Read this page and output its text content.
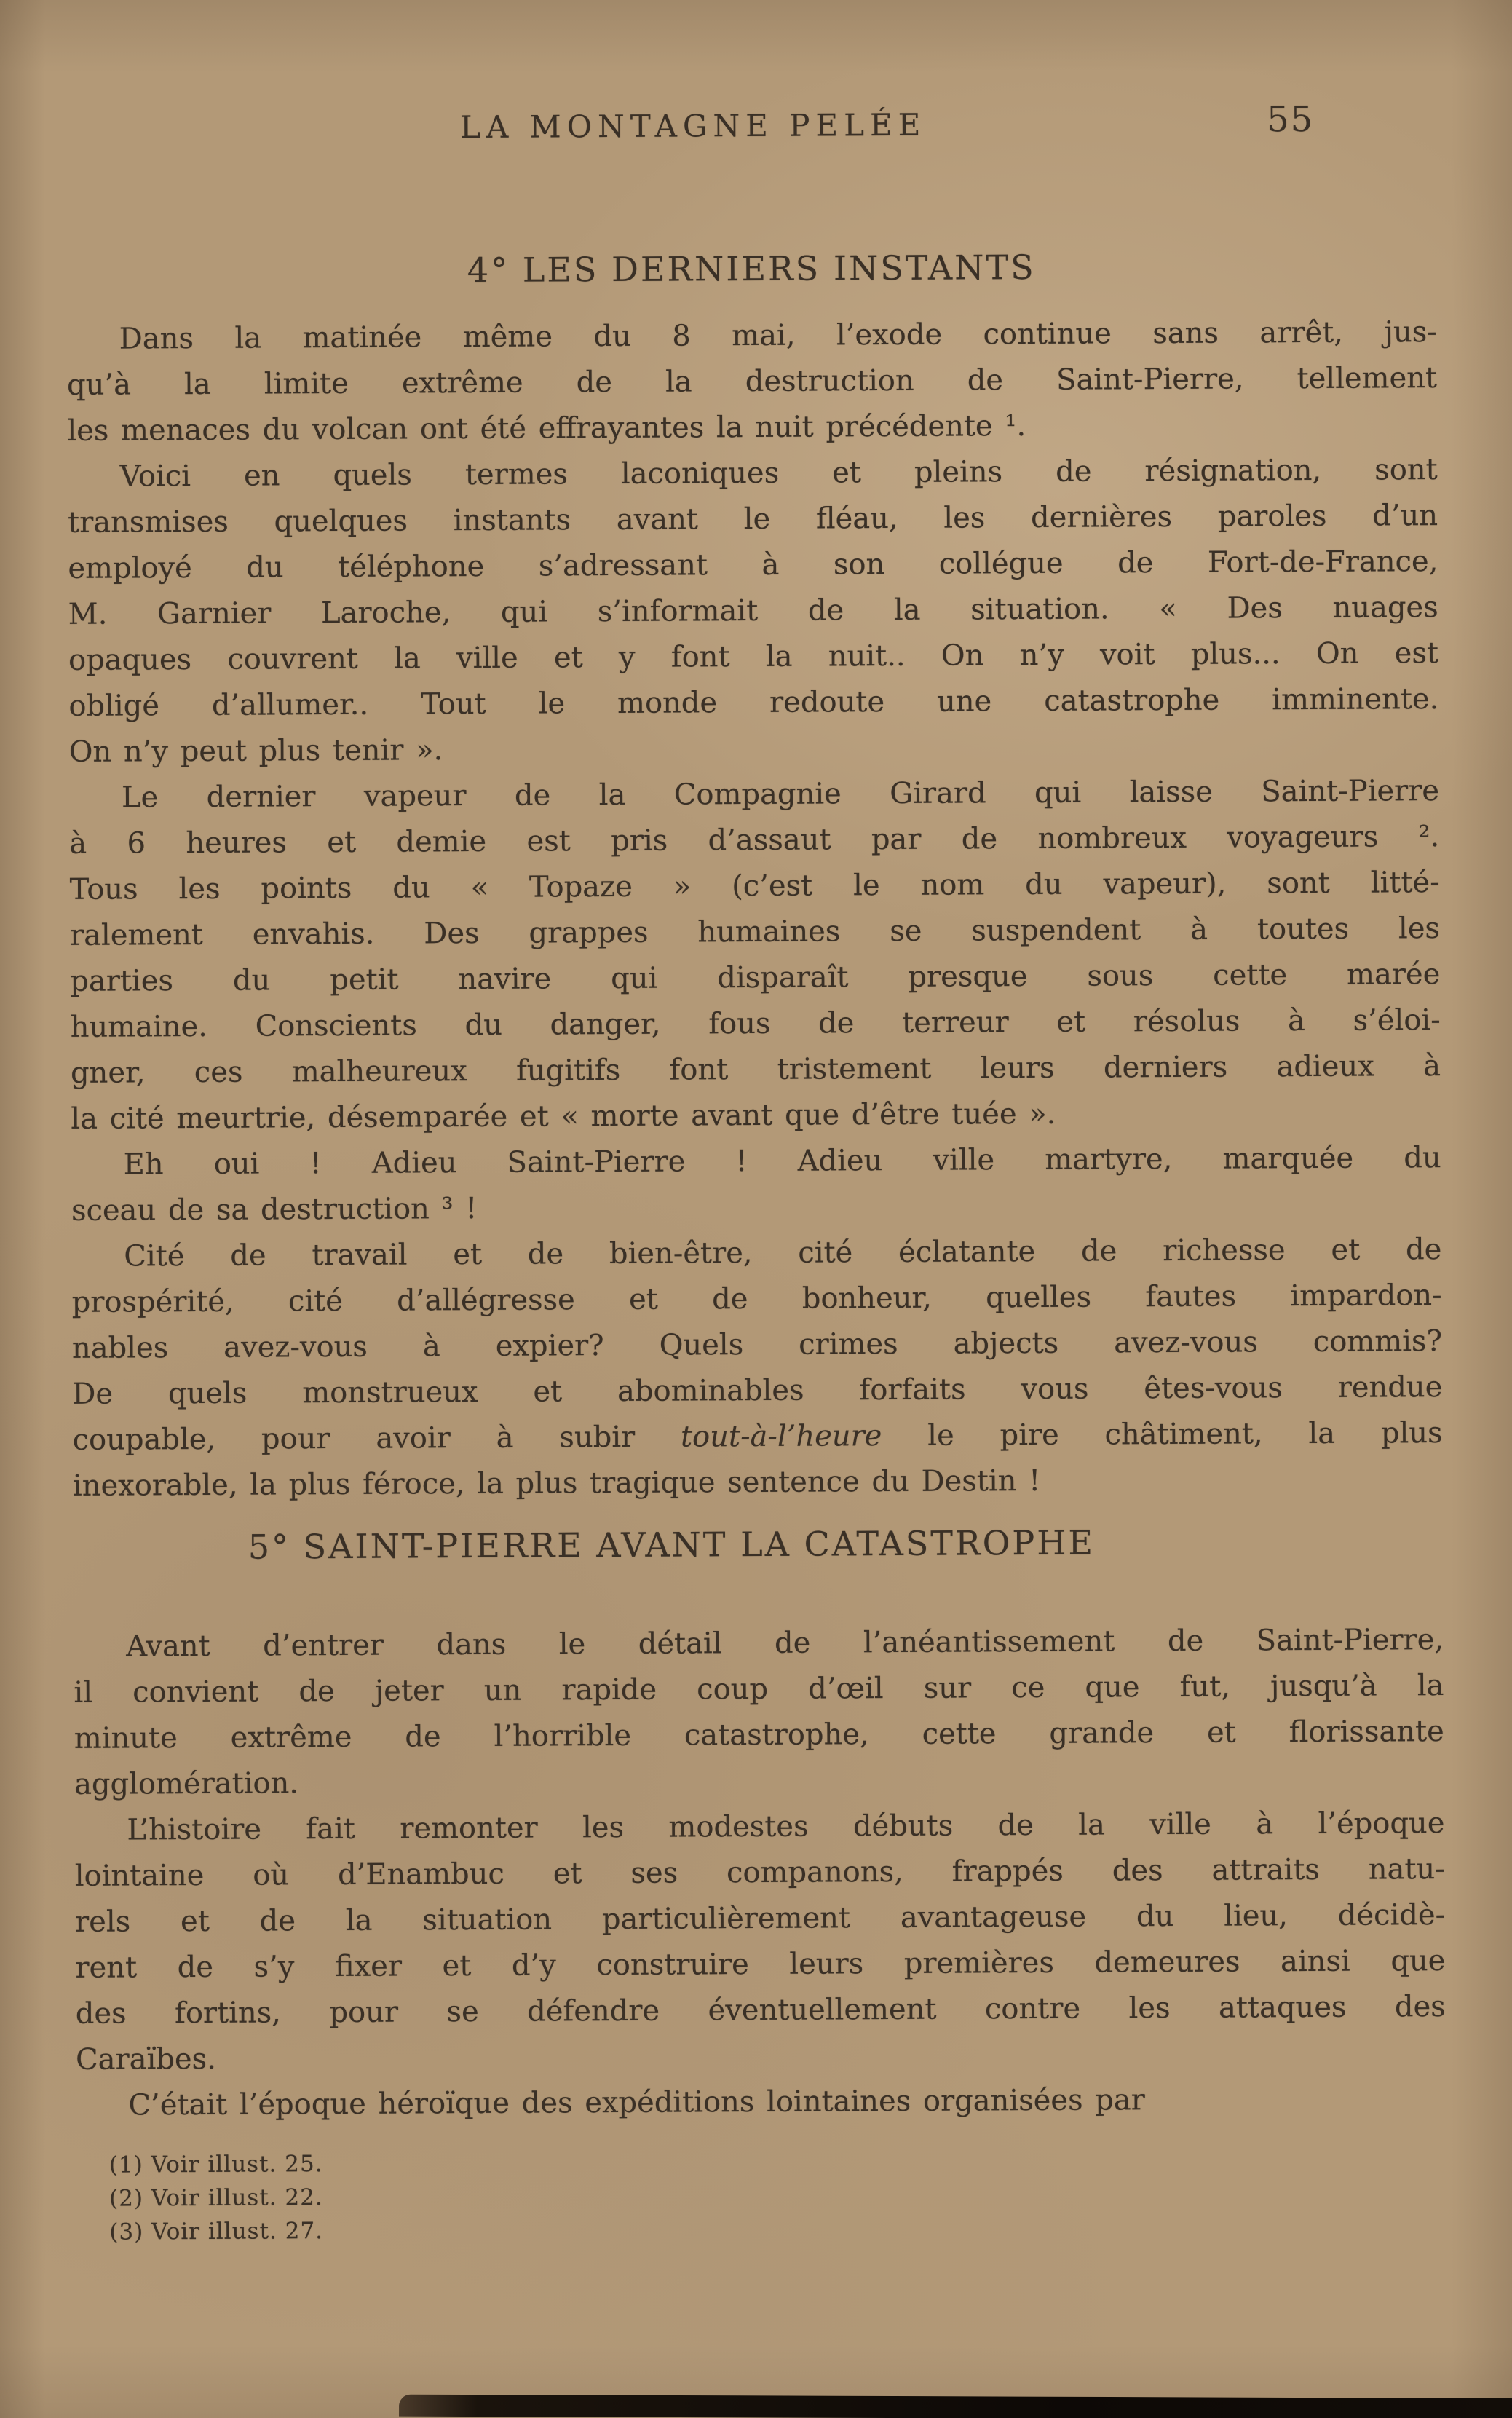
LA MONTAGNE PELÉE	55
4° LES DERNIERS INSTANTS
Dans la matinée même du 8 mai, l’exode continue sans arrêt, jus-
qu’à la limite extrême de la destruction de Saint-Pierre, tellement
les menaces du volcan ont été effrayantes la nuit précédente ¹.
Voici en quels termes laconiques et pleins de résignation, sont
transmises quelques instants avant le fléau, les dernières paroles d’un
employé du téléphone s’adressant à son collégue de Fort-de-France,
M. Garnier Laroche, qui s’informait de la situation. « Des nuages
opaques couvrent la ville et y font la nuit.. On n’y voit plus... On est
obligé d’allumer.. Tout le monde redoute une catastrophe imminente.
On n’y peut plus tenir ».
Le dernier vapeur de la Compagnie Girard qui laisse Saint-Pierre
à 6 heures et demie est pris d’assaut par de nombreux voyageurs ².
Tous les points du « Topaze » (c’est le nom du vapeur), sont litté-
ralement envahis. Des grappes humaines se suspendent à toutes les
parties du petit navire qui disparaît presque sous cette marée
humaine. Conscients du danger, fous de terreur et résolus à s’éloi-
gner, ces malheureux fugitifs font tristement leurs derniers adieux à
la cité meurtrie, désemparée et « morte avant que d’être tuée ».
Eh oui ! Adieu Saint-Pierre ! Adieu ville martyre, marquée du
sceau de sa destruction ³ !
Cité de travail et de bien-être, cité éclatante de richesse et de
prospérité, cité d’allégresse et de bonheur, quelles fautes impardon-
nables avez-vous à expier? Quels crimes abjects avez-vous commis?
De quels monstrueux et abominables forfaits vous êtes-vous rendue
coupable, pour avoir à subir tout-à-l’heure le pire châtiment, la plus
inexorable, la plus féroce, la plus tragique sentence du Destin !
5° SAINT-PIERRE AVANT LA CATASTROPHE
Avant d’entrer dans le détail de l’anéantissement de Saint-Pierre,
il convient de jeter un rapide coup d’œil sur ce que fut, jusqu’à la
minute extrême de l’horrible catastrophe, cette grande et florissante
agglomération.
L’histoire fait remonter les modestes débuts de la ville à l’époque
lointaine où d’Enambuc et ses companons, frappés des attraits natu-
rels et de la situation particulièrement avantageuse du lieu, décidè-
rent de s’y fixer et d’y construire leurs premières demeures ainsi que
des fortins, pour se défendre éventuellement contre les attaques des
Caraïbes.
C’était l’époque héroïque des expéditions lointaines organisées par
(1) Voir illust. 25.
(2) Voir illust. 22.
(3) Voir illust. 27.
